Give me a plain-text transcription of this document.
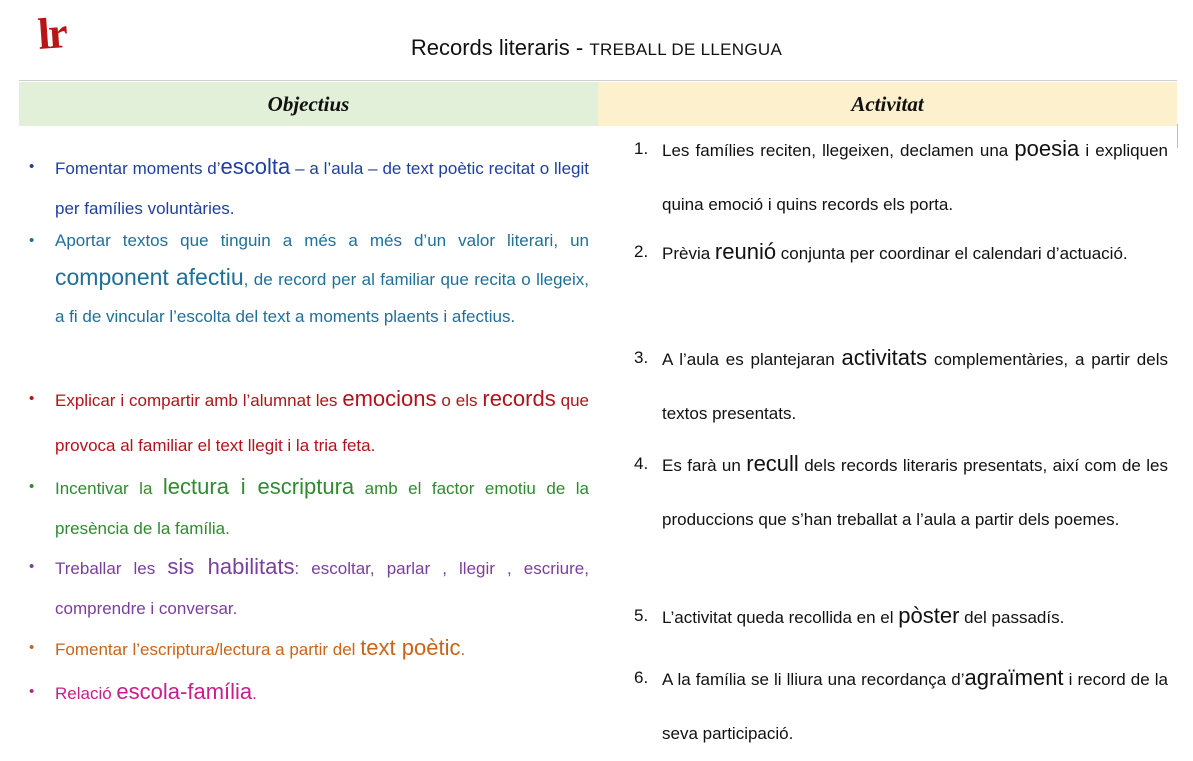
lr	Records literaris - TREBALL DE LLENGUA
Objectius	Activitat
• Fomentar moments d’escolta – a l’aula – de text poètic recitat o llegit per famílies voluntàries.
• Aportar textos que tinguin a més a més d’un valor literari, un component afectiu, de record per al familiar que recita o llegeix, a fi de vincular l’escolta del text a moments plaents i afectius.
• Explicar i compartir amb l’alumnat les emocions o els records que provoca al familiar el text llegit i la tria feta.
• Incentivar la lectura i escriptura amb el factor emotiu de la presència de la família.
• Treballar les sis habilitats: escoltar, parlar , llegir , escriure, comprendre i conversar.
• Fomentar l’escriptura/lectura a partir del text poètic.
• Relació escola-família.
1. Les famílies reciten, llegeixen, declamen una poesia i expliquen quina emoció i quins records els porta.
2. Prèvia reunió conjunta per coordinar el calendari d’actuació.
3. A l’aula es plantejaran activitats complementàries, a partir dels textos presentats.
4. Es farà un recull dels records literaris presentats, així com de les produccions que s’han treballat a l’aula a partir dels poemes.
5. L’activitat queda recollida en el pòster del passadís.
6. A la família se li lliura una recordança d’agraïment i record de la seva participació.
